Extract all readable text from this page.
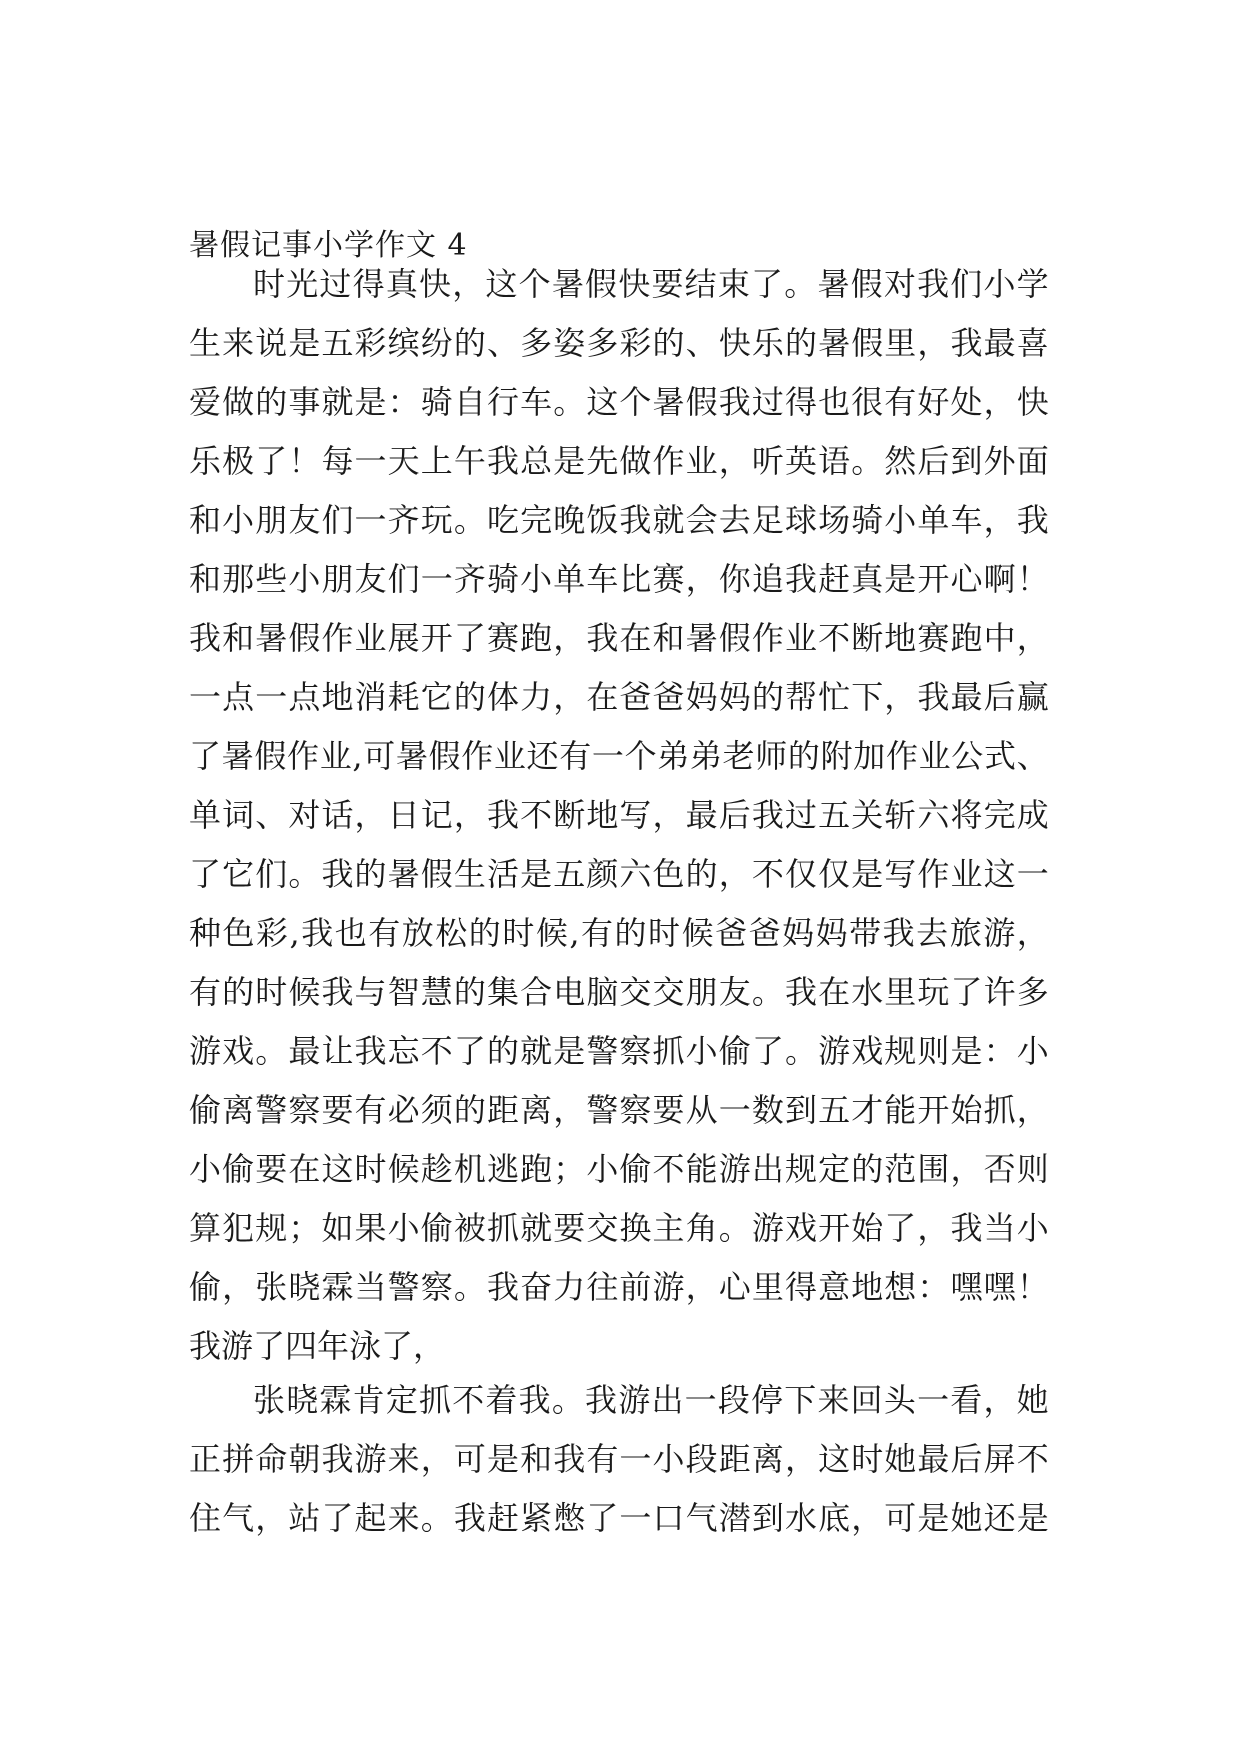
暑假记事小学作文 4
时 光 过 得 真 快 ， 这 个 暑 假 快 要 结 束 了 。 暑 假 对 我 们 小 学
生 来 说 是 五 彩 缤 纷 的 、 多 姿 多 彩 的 、 快 乐 的 暑 假 里 ， 我 最 喜
爱 做 的 事 就 是 ： 骑 自 行 车 。 这 个 暑 假 我 过 得 也 很 有 好 处 ， 快
乐 极 了 ！ 每 一 天 上 午 我 总 是 先 做 作 业 ， 听 英 语 。 然 后 到 外 面
和 小 朋 友 们 一 齐 玩 。 吃 完 晚 饭 我 就 会 去 足 球 场 骑 小 单 车 ， 我
和 那 些 小 朋 友 们 一 齐 骑 小 单 车 比 赛 ， 你 追 我 赶 真 是 开 心 啊 ！
我 和 暑 假 作 业 展 开 了 赛 跑 ， 我 在 和 暑 假 作 业 不 断 地 赛 跑 中 ，
一 点 一 点 地 消 耗 它 的 体 力 ， 在 爸 爸 妈 妈 的 帮 忙 下 ， 我 最 后 赢
了 暑 假 作 业 , 可 暑 假 作 业 还 有 一 个 弟 弟 老 师 的 附 加 作 业 公 式 、
单 词 、 对 话 ， 日 记 ， 我 不 断 地 写 ， 最 后 我 过 五 关 斩 六 将 完 成
了 它 们 。 我 的 暑 假 生 活 是 五 颜 六 色 的 ， 不 仅 仅 是 写 作 业 这 一
种 色 彩 , 我 也 有 放 松 的 时 候 , 有 的 时 候 爸 爸 妈 妈 带 我 去 旅 游 ，
有 的 时 候 我 与 智 慧 的 集 合 电 脑 交 交 朋 友 。 我 在 水 里 玩 了 许 多
游 戏 。 最 让 我 忘 不 了 的 就 是 警 察 抓 小 偷 了 。 游 戏 规 则 是 ： 小
偷 离 警 察 要 有 必 须 的 距 离 ， 警 察 要 从 一 数 到 五 才 能 开 始 抓 ，
小 偷 要 在 这 时 候 趁 机 逃 跑 ； 小 偷 不 能 游 出 规 定 的 范 围 ， 否 则
算 犯 规 ； 如 果 小 偷 被 抓 就 要 交 换 主 角 。 游 戏 开 始 了 ， 我 当 小
偷 ， 张 晓 霖 当 警 察 。 我 奋 力 往 前 游 ， 心 里 得 意 地 想 ： 嘿 嘿 ！
我游了四年泳了，
张 晓 霖 肯 定 抓 不 着 我 。 我 游 出 一 段 停 下 来 回 头 一 看 ， 她
正 拼 命 朝 我 游 来 ， 可 是 和 我 有 一 小 段 距 离 ， 这 时 她 最 后 屏 不
住 气 ， 站 了 起 来 。 我 赶 紧 憋 了 一 口 气 潜 到 水 底 ， 可 是 她 还 是
